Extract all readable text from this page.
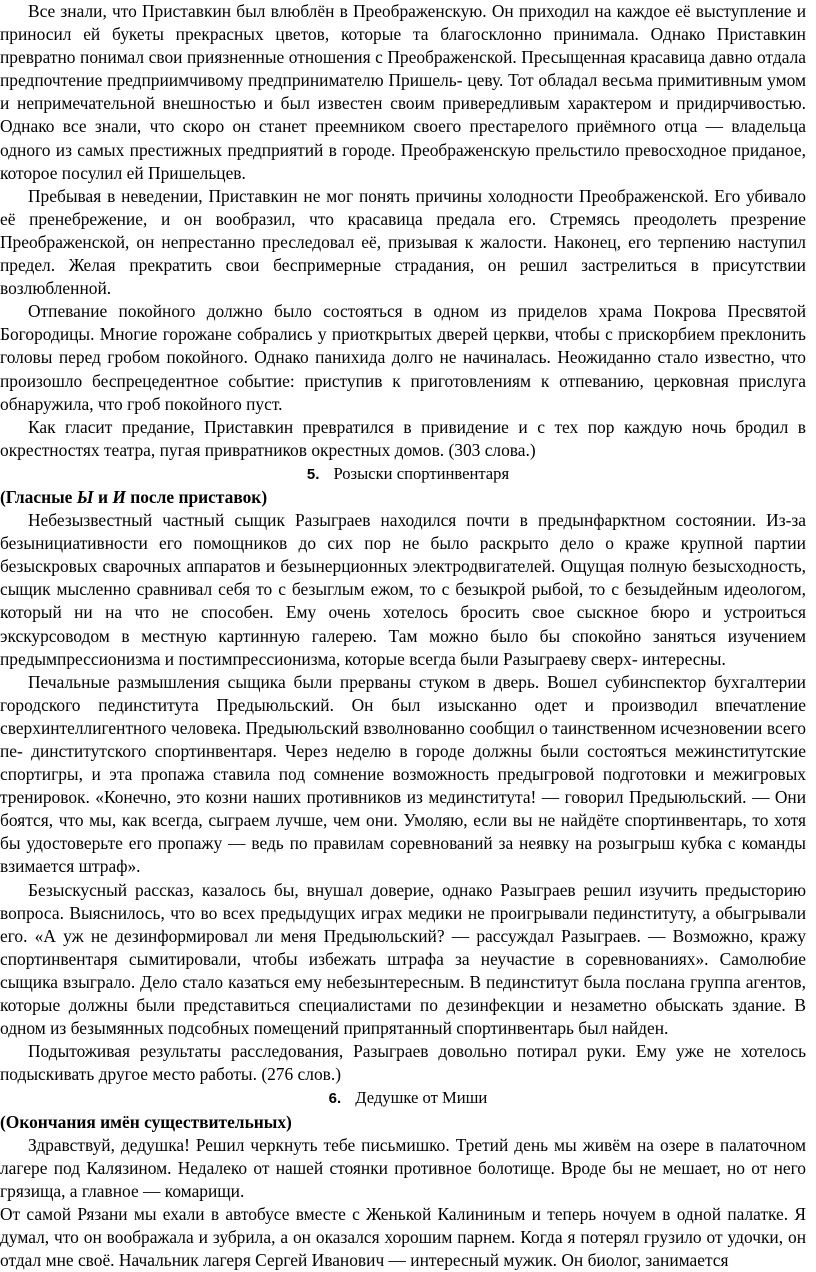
Все знали, что Приставкин был влюблён в Преображенскую. Он приходил на каждое её выступление и приносил ей букеты прекрасных цветов, которые та благосклонно принимала. Однако Приставкин превратно понимал свои приязненные отношения с Преображенской. Пресыщенная красавица давно отдала предпочтение предприимчивому предпринимателю Пришель- цеву. Тот обладал весьма примитивным умом и непримечательной внешностью и был известен своим привередливым характером и придирчивостью. Однако все знали, что скоро он станет преемником своего престарелого приёмного отца — владельца одного из самых престижных предприятий в городе. Преображенскую прельстило превосходное приданое, которое посулил ей Пришельцев.

Пребывая в неведении, Приставкин не мог понять причины холодности Преображенской. Его убивало её пренебрежение, и он вообразил, что красавица предала его. Стремясь преодолеть презрение Преображенской, он непрестанно преследовал её, призывая к жалости. Наконец, его терпению наступил предел. Желая прекратить свои беспримерные страдания, он решил застрелиться в присутствии возлюбленной.

Отпевание покойного должно было состояться в одном из приделов храма Покрова Пресвятой Богородицы. Многие горожане собрались у приоткрытых дверей церкви, чтобы с прискорбием преклонить головы перед гробом покойного. Однако панихида долго не начиналась. Неожиданно стало известно, что произошло беспрецедентное событие: приступив к приготовлениям к отпеванию, церковная прислуга обнаружила, что гроб покойного пуст.

Как гласит предание, Приставкин превратился в привидение и с тех пор каждую ночь бродил в окрестностях театра, пугая привратников окрестных домов. (303 слова.)

5. Розыски спортинвентаря

(Гласные Ы и И после приставок)

Небезызвестный частный сыщик Разыграев находился почти в предынфарктном состоянии. Из-за безынициативности его помощников до сих пор не было раскрыто дело о краже крупной партии безыскровых сварочных аппаратов и безынерционных электродвигателей. Ощущая полную безысходность, сыщик мысленно сравнивал себя то с безыглым ежом, то с безыкрой рыбой, то с безыдейным идеологом, который ни на что не способен. Ему очень хотелось бросить свое сыскное бюро и устроиться экскурсоводом в местную картинную галерею. Там можно было бы спокойно заняться изучением предымпрессионизма и постимпрессионизма, которые всегда были Разыграеву сверх- интересны.

Печальные размышления сыщика были прерваны стуком в дверь. Вошел субинспектор бухгалтерии городского пединститута Предыюльский. Он был изысканно одет и производил впечатление сверхинтеллигентного человека. Предыюльский взволнованно сообщил о таинственном исчезновении всего пе- динститутского спортинвентаря. Через неделю в городе должны были состояться межинститутские спортигры, и эта пропажа ставила под сомнение возможность предыгровой подготовки и межигровых тренировок. «Конечно, это козни наших противников из мединститута! — говорил Предыюльский. — Они боятся, что мы, как всегда, сыграем лучше, чем они. Умоляю, если вы не найдёте спортинвентарь, то хотя бы удостоверьте его пропажу — ведь по правилам соревнований за неявку на розыгрыш кубка с команды взимается штраф».

Безыскусный рассказ, казалось бы, внушал доверие, однако Разыграев решил изучить предысторию вопроса. Выяснилось, что во всех предыдущих играх медики не проигрывали пединституту, а обыгрывали его. «А уж не дезинформировал ли меня Предыюльский? — рассуждал Разыграев. — Возможно, кражу спортинвентаря сымитировали, чтобы избежать штрафа за неучастие в соревнованиях». Самолюбие сыщика взыграло. Дело стало казаться ему небезынтересным. В пединститут была послана группа агентов, которые должны были представиться специалистами по дезинфекции и незаметно обыскать здание. В одном из безымянных подсобных помещений припрятанный спортинвентарь был найден.

Подытоживая результаты расследования, Разыграев довольно потирал руки. Ему уже не хотелось подыскивать другое место работы. (276 слов.)

6. Дедушке от Миши

(Окончания имён существительных)

Здравствуй, дедушка! Решил черкнуть тебе письмишко. Третий день мы живём на озере в палаточном лагере под Калязином. Недалеко от нашей стоянки противное болотище. Вроде бы не мешает, но от него грязища, а главное — комарищи.

От самой Рязани мы ехали в автобусе вместе с Женькой Калининым и теперь ночуем в одной палатке. Я думал, что он воображала и зубрила, а он оказался хорошим парнем. Когда я потерял грузило от удочки, он отдал мне своё. Начальник лагеря Сергей Иванович — интересный мужик. Он биолог, занимается
